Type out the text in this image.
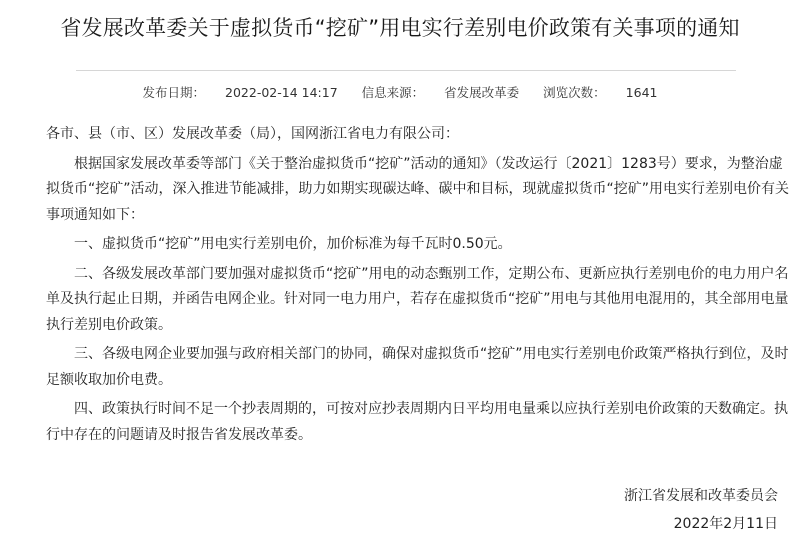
省发展改革委关于虚拟货币“挖矿”用电实行差别电价政策有关事项的通知
发布日期： 2022-02-14 14:17 信息来源： 省发展改革委 浏览次数： 1641

各市、县（市、区）发展改革委（局），国网浙江省电力有限公司：

根据国家发展改革委等部门《关于整治虚拟货币“挖矿”活动的通知》（发改运行〔2021〕1283号）要求，为整治虚拟货币“挖矿”活动，深入推进节能减排，助力如期实现碳达峰、碳中和目标，现就虚拟货币“挖矿”用电实行差别电价有关事项通知如下：

一、虚拟货币“挖矿”用电实行差别电价，加价标准为每千瓦时0.50元。

二、各级发展改革部门要加强对虚拟货币“挖矿”用电的动态甄别工作，定期公布、更新应执行差别电价的电力用户名单及执行起止日期，并函告电网企业。针对同一电力用户，若存在虚拟货币“挖矿”用电与其他用电混用的，其全部用电量执行差别电价政策。

三、各级电网企业要加强与政府相关部门的协同，确保对虚拟货币“挖矿”用电实行差别电价政策严格执行到位，及时足额收取加价电费。

四、政策执行时间不足一个抄表周期的，可按对应抄表周期内日平均用电量乘以应执行差别电价政策的天数确定。执行中存在的问题请及时报告省发展改革委。

浙江省发展和改革委员会
2022年2月11日
